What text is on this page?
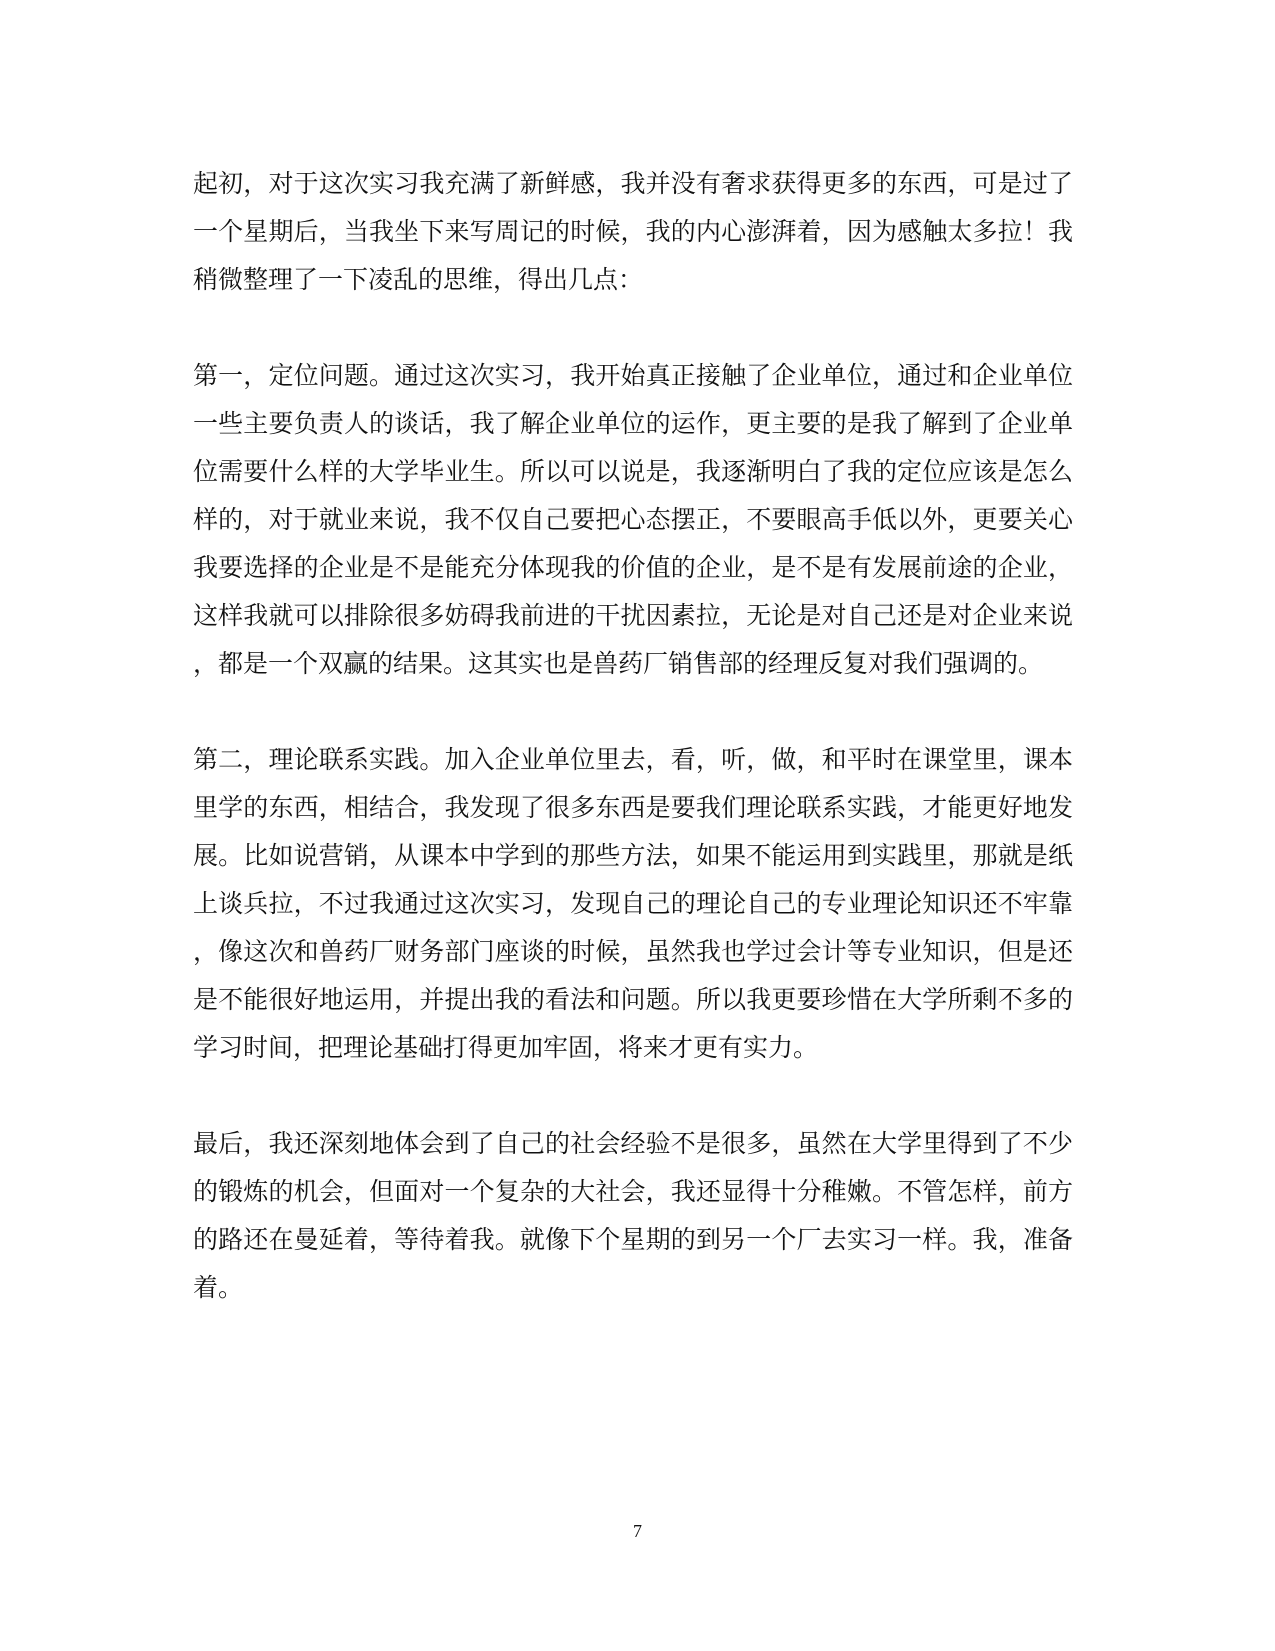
起初，对于这次实习我充满了新鲜感，我并没有奢求获得更多的东西，可是过了
一个星期后，当我坐下来写周记的时候，我的内心澎湃着，因为感触太多拉！我
稍微整理了一下凌乱的思维，得出几点：
第一，定位问题。通过这次实习，我开始真正接触了企业单位，通过和企业单位
一些主要负责人的谈话，我了解企业单位的运作，更主要的是我了解到了企业单
位需要什么样的大学毕业生。所以可以说是，我逐渐明白了我的定位应该是怎么
样的，对于就业来说，我不仅自己要把心态摆正，不要眼高手低以外，更要关心
我要选择的企业是不是能充分体现我的价值的企业，是不是有发展前途的企业，
这样我就可以排除很多妨碍我前进的干扰因素拉，无论是对自己还是对企业来说
，都是一个双赢的结果。这其实也是兽药厂销售部的经理反复对我们强调的。
第二，理论联系实践。加入企业单位里去，看，听，做，和平时在课堂里，课本
里学的东西，相结合，我发现了很多东西是要我们理论联系实践，才能更好地发
展。比如说营销，从课本中学到的那些方法，如果不能运用到实践里，那就是纸
上谈兵拉，不过我通过这次实习，发现自己的理论自己的专业理论知识还不牢靠
，像这次和兽药厂财务部门座谈的时候，虽然我也学过会计等专业知识，但是还
是不能很好地运用，并提出我的看法和问题。所以我更要珍惜在大学所剩不多的
学习时间，把理论基础打得更加牢固，将来才更有实力。
最后，我还深刻地体会到了自己的社会经验不是很多，虽然在大学里得到了不少
的锻炼的机会，但面对一个复杂的大社会，我还显得十分稚嫩。不管怎样，前方
的路还在曼延着，等待着我。就像下个星期的到另一个厂去实习一样。我，准备
着。
7
